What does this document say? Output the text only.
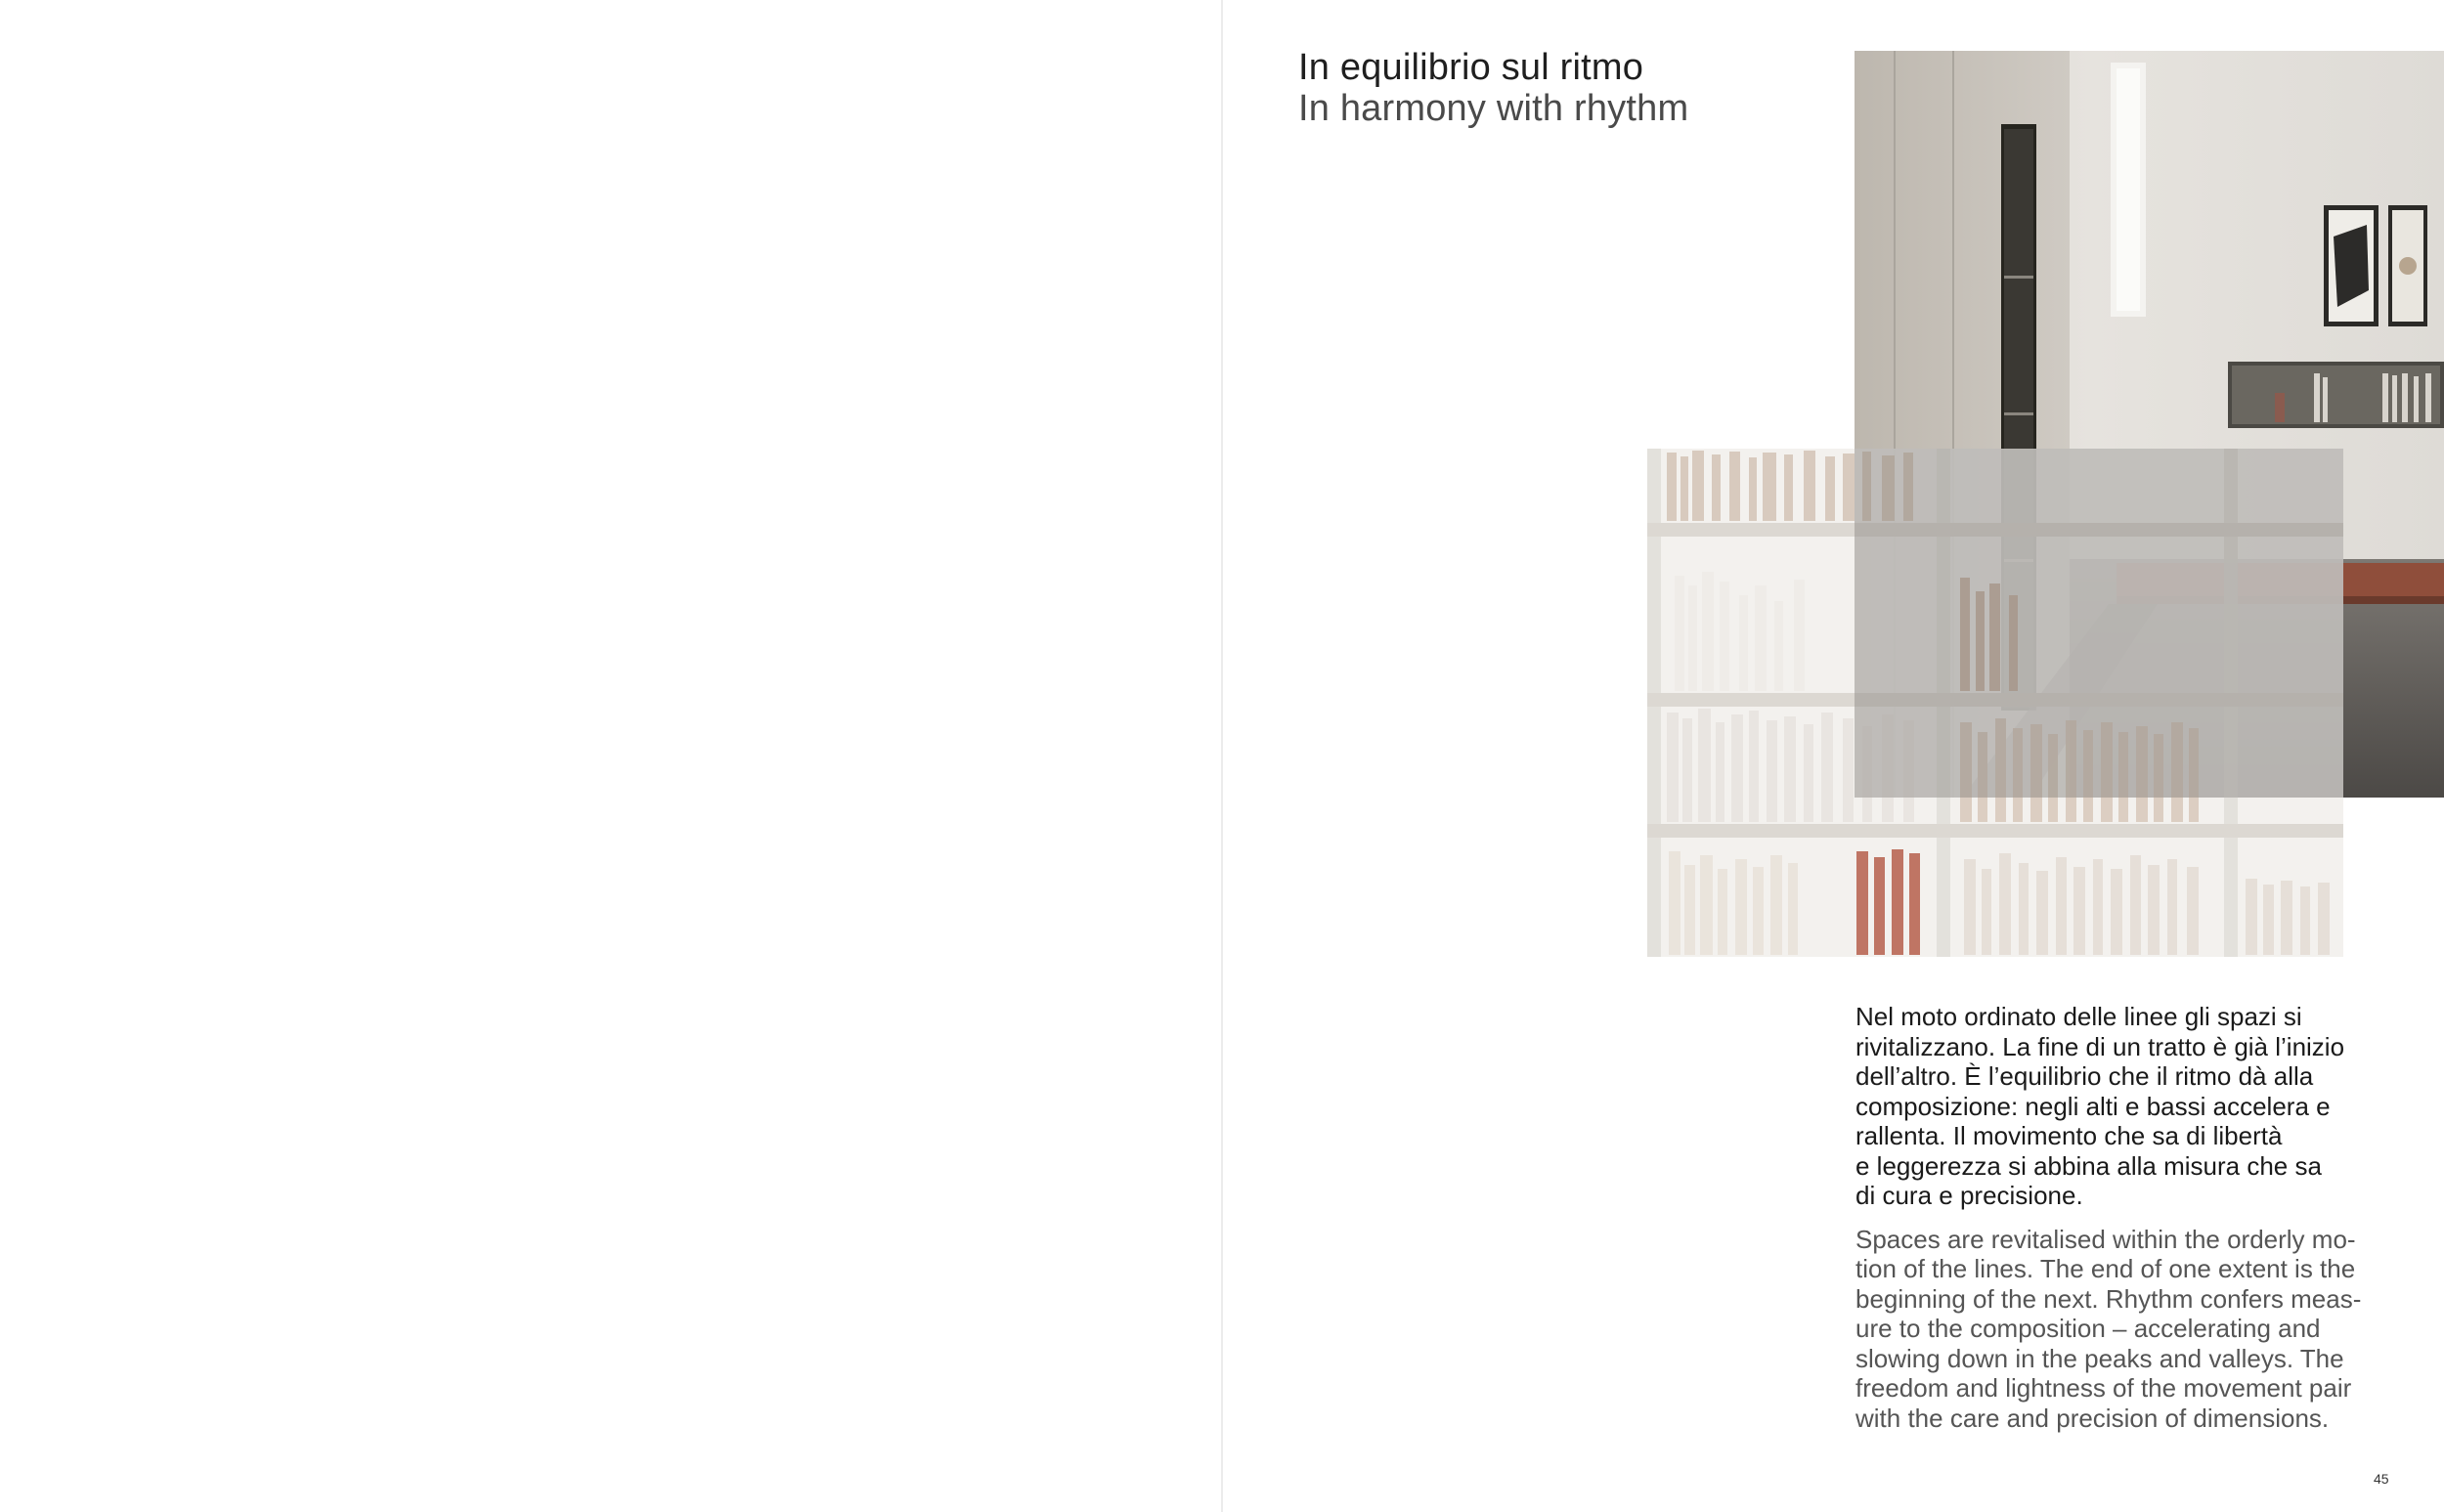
In equilibrio sul ritmo
In harmony with rhythm

Nel moto ordinato delle linee gli spazi si
rivitalizzano. La fine di un tratto è già l’inizio
dell’altro. È l’equilibrio che il ritmo dà alla
composizione: negli alti e bassi accelera e
rallenta. Il movimento che sa di libertà
e leggerezza si abbina alla misura che sa
di cura e precisione.

Spaces are revitalised within the orderly mo-
tion of the lines. The end of one extent is the
beginning of the next. Rhythm confers meas-
ure to the composition – accelerating and
slowing down in the peaks and valleys. The
freedom and lightness of the movement pair
with the care and precision of dimensions.

45
